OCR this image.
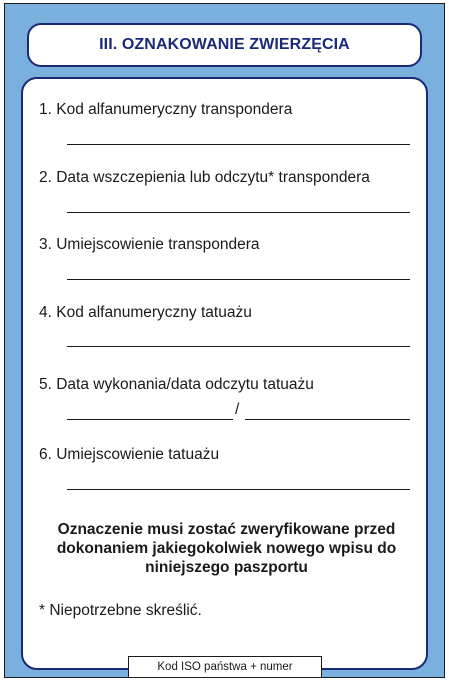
III. OZNAKOWANIE ZWIERZĘCIA
1. Kod alfanumeryczny transpondera
2. Data wszczepienia lub odczytu* transpondera
3. Umiejscowienie transpondera
4. Kod alfanumeryczny tatuażu
5. Data wykonania/data odczytu tatuażu
/
6. Umiejscowienie tatuażu
Oznaczenie musi zostać zweryfikowane przed
dokonaniem jakiegokolwiek nowego wpisu do
niniejszego paszportu
* Niepotrzebne skreślić.
Kod ISO państwa + numer
